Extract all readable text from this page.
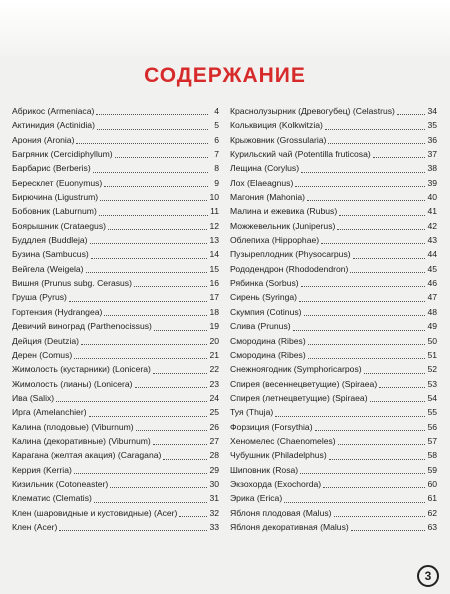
СОДЕРЖАНИЕ
Абрикос (Armeniaca)	4
Актинидия (Actinidia)	5
Арония (Aronia)	6
Багряник (Cercidiphyllum)	7
Барбарис (Berberis)	8
Бересклет (Euonymus)	9
Бирючина (Ligustrum)	10
Бобовник (Laburnum)	11
Боярышник (Crataegus)	12
Буддлея (Buddleja)	13
Бузина (Sambucus)	14
Вейгела (Weigela)	15
Вишня (Prunus subg. Cerasus)	16
Груша (Pyrus)	17
Гортензия (Hydrangea)	18
Девичий виноград (Parthenocissus)	19
Дейция (Deutzia)	20
Дерен (Comus)	21
Жимолость (кустарники) (Lonicera)	22
Жимолость (лианы) (Lonicera)	23
Ива (Salix)	24
Ирга (Amelanchier)	25
Калина (плодовые) (Viburnum)	26
Калина (декоративные) (Viburnum)	27
Карагана (желтая акация) (Caragana)	28
Керрия (Kerria)	29
Кизильник (Cotoneaster)	30
Клематис (Clematis)	31
Клен (шаровидные и кустовидные) (Acer)	32
Клен (Acer)	33
Краснолузырник (Древогубец) (Celastrus)	34
Кольквиция (Kolkwitzia)	35
Крыжовник (Grossularia)	36
Курильский чай (Potentilla fruticosa)	37
Лещина (Corylus)	38
Лох (Elaeagnus)	39
Магония (Mahonia)	40
Малина и ежевика (Rubus)	41
Можжевельник (Juniperus)	42
Облепиха (Hippophae)	43
Пузыреплодник (Physocarpus)	44
Рододендрон (Rhododendron)	45
Рябинка (Sorbus)	46
Сирень (Syringa)	47
Скумпия (Cotinus)	48
Слива (Prunus)	49
Смородина (Ribes)	50
Смородина (Ribes)	51
Снежноягодник (Symphoricarpos)	52
Спирея (весеннецветущие) (Spiraea)	53
Спирея (летнецветущие) (Spiraea)	54
Туя (Thuja)	55
Форзиция (Forsythia)	56
Хеномелес (Chaenomeles)	57
Чубушник (Philadelphus)	58
Шиповник (Rosa)	59
Экзохорда (Exochorda)	60
Эрика (Erica)	61
Яблоня плодовая (Malus)	62
Яблоня декоративная (Malus)	63
3
